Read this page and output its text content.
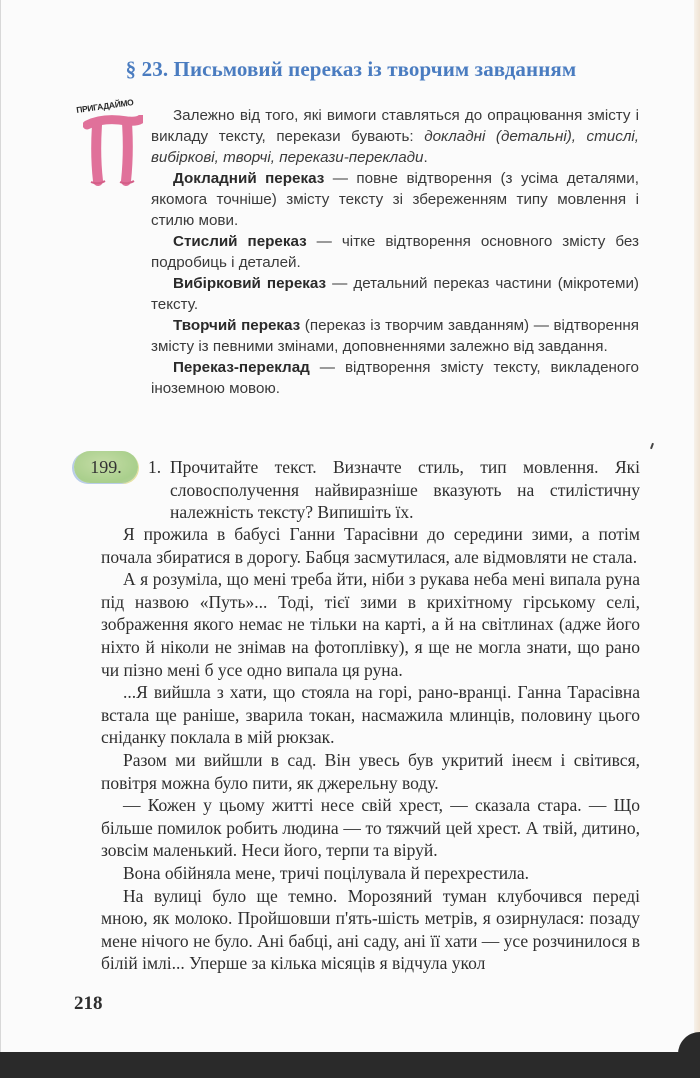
§ 23. Письмовий переказ із творчим завданням
ПРИГАДАЙМО

Залежно від того, які вимоги ставляться до опрацювання змісту і викладу тексту, перекази бувають: докладні (детальні), стислі, вибіркові, творчі, перекази-переклади.

Докладний переказ — повне відтворення (з усіма деталями, якомога точніше) змісту тексту зі збереженням типу мовлення і стилю мови.

Стислий переказ — чітке відтворення основного змісту без подробиць і деталей.

Вибірковий переказ — детальний переказ частини (мікротеми) тексту.

Творчий переказ (переказ із творчим завданням) — відтворення змісту із певними змінами, доповненнями залежно від завдання.

Переказ-переклад — відтворення змісту тексту, викладеного іноземною мовою.

199.	1. Прочитайте текст. Визначте стиль, тип мовлення. Які словосполучення найвиразніше вказують на стилістичну належність тексту? Випишіть їх.

Я прожила в бабусі Ганни Тарасівни до середини зими, а потім почала збиратися в дорогу. Бабця засмутилася, але відмовляти не стала.

А я розуміла, що мені треба йти, ніби з рукава неба мені випала руна під назвою «Путь»... Тоді, тієї зими в крихітному гірському селі, зображення якого немає не тільки на карті, а й на світлинах (адже його ніхто й ніколи не знімав на фотоплівку), я ще не могла знати, що рано чи пізно мені б усе одно випала ця руна.

...Я вийшла з хати, що стояла на горі, рано-вранці. Ганна Тарасівна встала ще раніше, зварила токан, насмажила млинців, половину цього сніданку поклала в мій рюкзак.

Разом ми вийшли в сад. Він увесь був укритий інеєм і світився, повітря можна було пити, як джерельну воду.

— Кожен у цьому житті несе свій хрест, — сказала стара. — Що більше помилок робить людина — то тяжчий цей хрест. А твій, дитино, зовсім маленький. Неси його, терпи та віруй.

Вона обійняла мене, тричі поцілувала й перехрестила.

На вулиці було ще темно. Морозяний туман клубочився переді мною, як молоко. Пройшовши п'ять-шість метрів, я озирнулася: позаду мене нічого не було. Ані бабці, ані саду, ані її хати — усе розчинилося в білій імлі... Уперше за кілька місяців я відчула укол

218
